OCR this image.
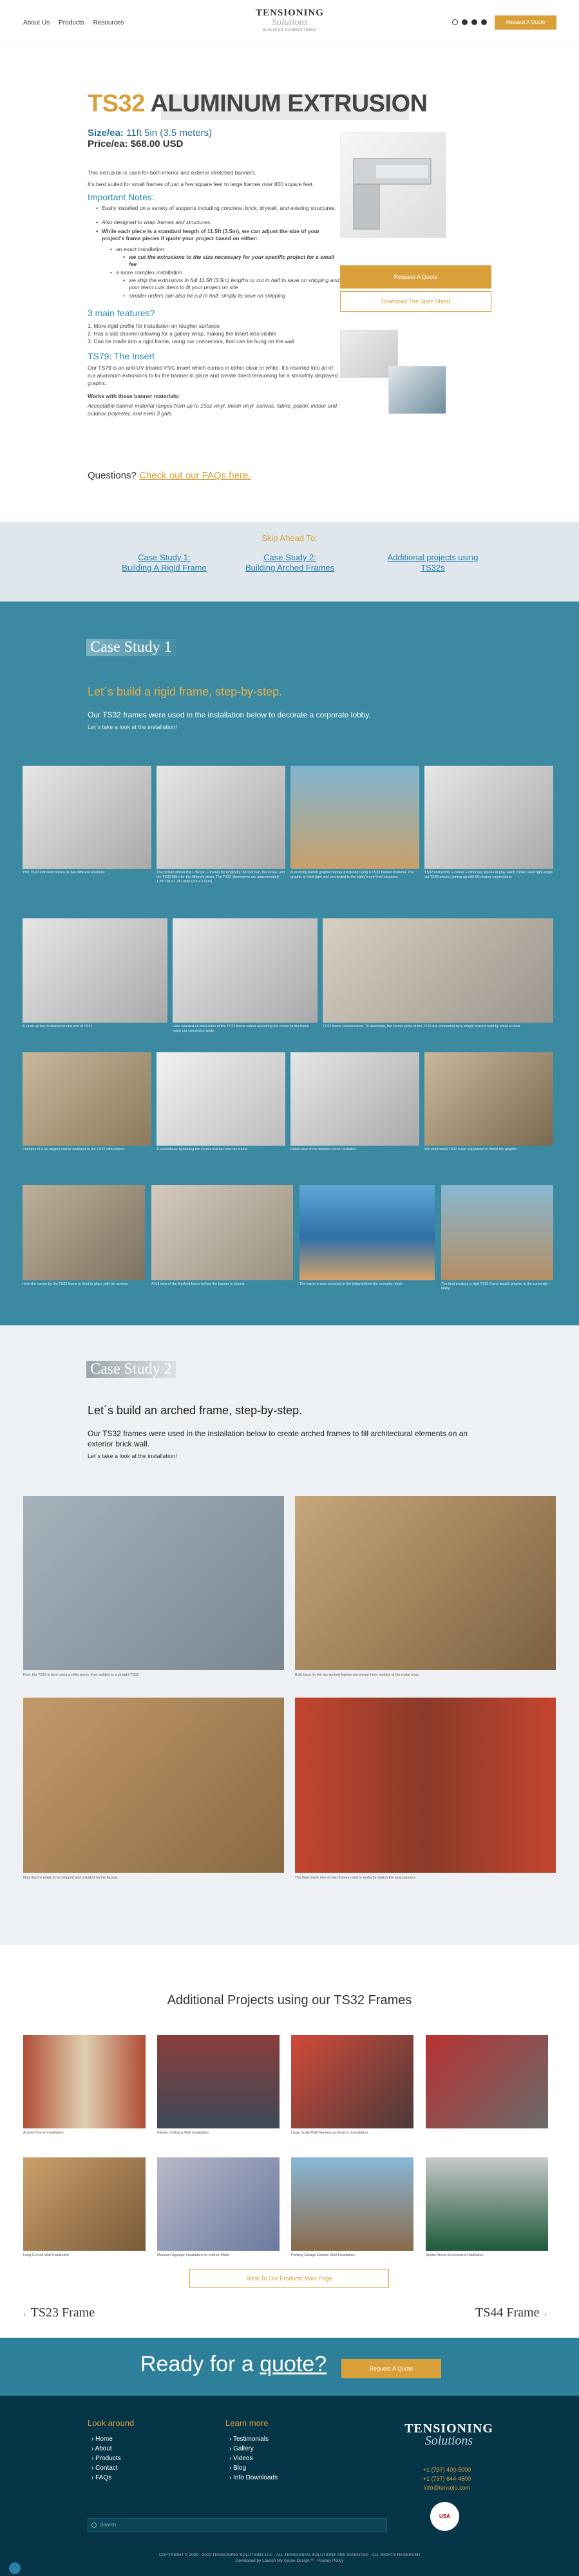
About Us Products Resources
TENSIONING
Solutions
BUILDING CONNECTIONS
Request A Quote
TS32 ALUMINUM EXTRUSION
Size/ea: 11ft 5in (3.5 meters)
Price/ea: $68.00 USD

This extrusion is used for both interior and exterior stretched banners.

It’s best suited for small frames of just a few square feet to large frames over 800 square feet.

Important Notes:
• Easily installed on a variety of supports including concrete, brick, drywall, and existing structures.
• Also designed to wrap frames and structures.
• While each piece is a standard length of 11.5ft (3.5m), we can adjust the size of your project's frame pieces if quote your project based on either:
• an exact installation
• we cut the extrusions to the size necessary for your specific project for a small fee
• a more complex installation
• we ship the extrusions in full 11.5ft (3.5m) lengths or cut in half to save on shipping and your team cuts them to fit your project on site
• smaller orders can also be cut in half, simply to save on shipping
3 main features?
1. More rigid profile for installation on tougher surfaces
2. Has a slot channel allowing for a gallery wrap, making the insert less visible
3. Can be made into a rigid frame, using our connectors, that can be hung on the wall
TS79: The Insert

Our TS79 is an anti-UV treated PVC insert which comes in either clear or white. It’s inserted into all of our aluminum extrusions to fix the banner in place and create direct tensioning for a smoothly displayed graphic.

Works with these banner materials:

Acceptable banner material ranges from up to 15oz vinyl, mesh vinyl, canvas, fabric, poplin, indoor and outdoor polyester, and even 3 gals.

Questions? Check out our FAQs here.
Request A Quote
Download The Spec Sheet
Skip Ahead To:
Case Study 1:
Building A Rigid Frame
Case Study 2:
Building Arched Frames
Additional projects using
TS32s
Case Study 1
Let´s build a rigid frame, step-by-step.
Our TS32 frames were used in the installation below to decorate a corporate lobby.
Let´s take a look at the installation!
This TS32 extrusion shows its two different positions.	The picture shows the L-Bit (an L-frame) for length-fit, the tool ban, the screw, and the TS32 Mitre for the different steps. The TS32 dimensions are approximately 1.38" tall x 1.26" wide (3.5 x 3.2cm).
A stunning backlit graphic banner produced using a TS32 banner material. The graphic is fixed tight and connected to the lobby's eye-level structure.
TS32 end points + corner + other key pieces in play. Each corner used right-angle cut TS32 pieces, joining up with 90-degree connections.
A close up bar clustered on one end of TS32.	Here inserted on both sides of the TS32 frame corner assuming the corner to the frame using our connection plate.
TS32 frame consideration. To assemble, the corner joints of the TS32 are connected by a simple bracket held by small screws.
Example of a 90-degree corner fastened to the TS32 with screws.	A screwdriver tightening the corner bracket onto the frame.	Detail view of the finished corner installed.	We used small TS32 insert equipment to install the graphic.
Here the corner by the TS32 frame is fixed in place with pin screws.	A full view of the finished frame before the banner is placed.	The frame is now mounted in the lobby behind the reception desk.	The final product: a rigid TS32 frame backlit graphic in the corporate lobby.
Case Study 2
Let´s build an arched frame, step-by-step.
Our TS32 frames were used in the installation below to create arched frames to fill architectural elements on an exterior brick wall.
Let´s take a look at the installation!
First, the TS32 is bent using a roller press, then welded to a straight TS32.	Both bays for the two arched frames are shown here, welded at the metal shop.
Now they’re ready to be shipped and installed on the facade.	The final result: two arched frames used to perfectly stretch the long banners.
Additional Projects using our TS32 Frames
Arched Frame Installation	Interior Ceiling & Wall Installation	Large Scale Wall Banners as Exterior Installation
Long Curved Wall Installation	Museum Signage Installation on Interior Walls	Parking Garage Exterior Wall Installation	Sports Arena Scoreboard Installation
Back To Our Products Main Page
‹  TS23 Frame	TS44 Frame  ›
Ready for a quote?	Request A Quote
Look around
› Home
› About
› Products
› Contact
› FAQs
Learn more
› Testimonials
› Gallery
› Videos
› Blog
› Info Downloads
TENSIONING
Solutions
+1 (737) 400-5000
+1 (737) 644-4500
info@tensolu.com
USA
Search
COPYRIGHT © 2009 - 2022 TENSIONING SOLUTIONS LLC · ALL TENSIONING SOLUTIONS ARE PATENTED · ALL RIGHTS RESERVED
Developed by Launch My Game Design™ · Privacy Policy
